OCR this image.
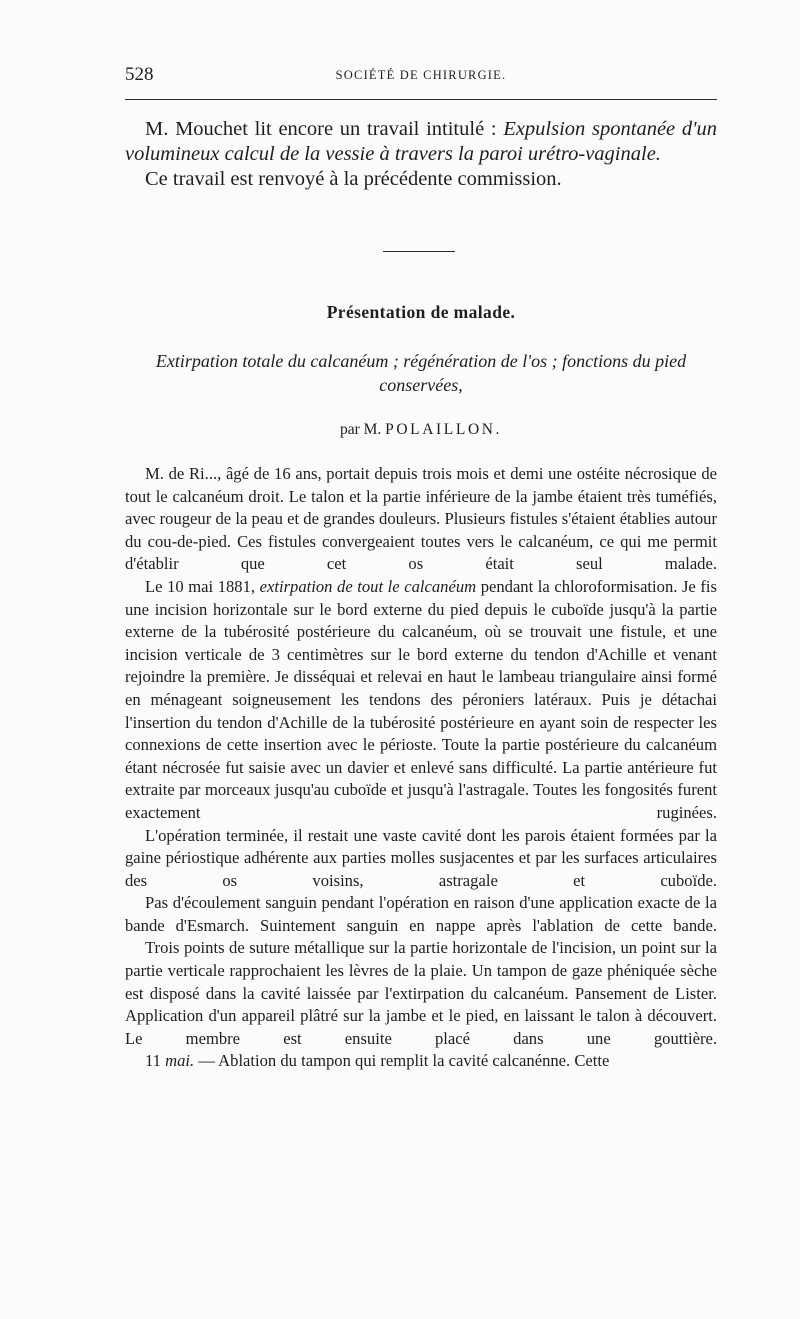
528	SOCIÉTÉ DE CHIRURGIE.

M. Mouchet lit encore un travail intitulé : Expulsion spontanée d'un volumineux calcul de la vessie à travers la paroi urétro-vaginale.

Ce travail est renvoyé à la précédente commission.

Présentation de malade.
Extirpation totale du calcanéum ; régénération de l'os ; fonctions du pied conservées,
par M. POLAILLON.

M. de Ri..., âgé de 16 ans, portait depuis trois mois et demi une ostéite nécrosique de tout le calcanéum droit. Le talon et la partie inférieure de la jambe étaient très tuméfiés, avec rougeur de la peau et de grandes douleurs. Plusieurs fistules s'étaient établies autour du cou-de-pied. Ces fistules convergeaient toutes vers le calcanéum, ce qui me permit d'établir que cet os était seul malade.

Le 10 mai 1881, extirpation de tout le calcanéum pendant la chloroformisation. Je fis une incision horizontale sur le bord externe du pied depuis le cuboïde jusqu'à la partie externe de la tubérosité postérieure du calcanéum, où se trouvait une fistule, et une incision verticale de 3 centimètres sur le bord externe du tendon d'Achille et venant rejoindre la première. Je disséquai et relevai en haut le lambeau triangulaire ainsi formé en ménageant soigneusement les tendons des péroniers latéraux. Puis je détachai l'insertion du tendon d'Achille de la tubérosité postérieure en ayant soin de respecter les connexions de cette insertion avec le périoste. Toute la partie postérieure du calcanéum étant nécrosée fut saisie avec un davier et enlevé sans difficulté. La partie antérieure fut extraite par morceaux jusqu'au cuboïde et jusqu'à l'astragale. Toutes les fongosités furent exactement ruginées.

L'opération terminée, il restait une vaste cavité dont les parois étaient formées par la gaine périostique adhérente aux parties molles susjacentes et par les surfaces articulaires des os voisins, astragale et cuboïde.

Pas d'écoulement sanguin pendant l'opération en raison d'une application exacte de la bande d'Esmarch. Suintement sanguin en nappe après l'ablation de cette bande.

Trois points de suture métallique sur la partie horizontale de l'incision, un point sur la partie verticale rapprochaient les lèvres de la plaie. Un tampon de gaze phéniquée sèche est disposé dans la cavité laissée par l'extirpation du calcanéum. Pansement de Lister. Application d'un appareil plâtré sur la jambe et le pied, en laissant le talon à découvert. Le membre est ensuite placé dans une gouttière.

11 mai. — Ablation du tampon qui remplit la cavité calcanénne. Cette
